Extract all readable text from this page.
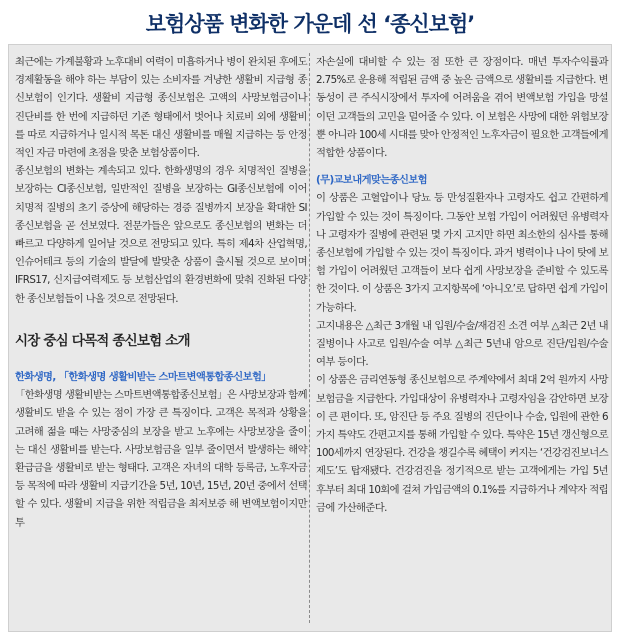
보험상품 변화한 가운데 선 ‘종신보험’

최근에는 가계불황과 노후대비 여력이 미흡하거나 병이 완치된 후에도 경제활동을 해야 하는 부담이 있는 소비자를 겨냥한 생활비 지급형 종신보험이 인기다. 생활비 지급형 종신보험은 고액의 사망보험금이나 진단비를 한 번에 지급하던 기존 형태에서 벗어나 치료비 외에 생활비를 따로 지급하거나 일시적 목돈 대신 생활비를 매월 지급하는 등 안정적인 자금 마련에 초점을 맞춘 보험상품이다.

종신보험의 변화는 계속되고 있다. 한화생명의 경우 치명적인 질병을 보장하는 CI종신보험, 일반적인 질병을 보장하는 GI종신보험에 이어 치명적 질병의 초기 증상에 해당하는 경증 질병까지 보장을 확대한 SI종신보험을 곧 선보였다. 전문가들은 앞으로도 종신보험의 변화는 더 빠르고 다양하게 일어날 것으로 전망되고 있다. 특히 제4차 산업혁명, 인슈어테크 등의 기술의 발달에 발맞춘 상품이 출시될 것으로 보이며 IFRS17, 신지급여력제도 등 보험산업의 환경변화에 맞춰 진화된 다양한 종신보험들이 나올 것으로 전망된다.

시장 중심 다목적 종신보험 소개

한화생명, 「한화생명 생활비받는 스마트변액통합종신보험」

「한화생명 생활비받는 스마트변액통합종신보험」은 사망보장과 함께 생활비도 받을 수 있는 점이 가장 큰 특징이다. 고객은 목적과 상황을 고려해 젊을 때는 사망중심의 보장을 받고 노후에는 사망보장을 줄이는 대신 생활비를 받는다. 사망보험금을 일부 줄이면서 발생하는 해약환급금을 생활비로 받는 형태다. 고객은 자녀의 대학 등록금, 노후자금 등 목적에 따라 생활비 지급기간을 5년, 10년, 15년, 20년 중에서 선택할 수 있다. 생활비 지급을 위한 적립금을 최저보증 해 변액보험이지만 투

자손실에 대비할 수 있는 점 또한 큰 장점이다. 매년 투자수익률과 2.75%로 운용해 적립된 금액 중 높은 금액으로 생활비를 지급한다. 변동성이 큰 주식시장에서 투자에 어려움을 겪어 변액보험 가입을 망설이던 고객들의 고민을 덜어줄 수 있다. 이 보험은 사망에 대한 위험보장뿐 아니라 100세 시대를 맞아 안정적인 노후자금이 필요한 고객들에게 적합한 상품이다.

(무)교보내게맞는종신보험

이 상품은 고혈압이나 당뇨 등 만성질환자나 고령자도 쉽고 간편하게 가입할 수 있는 것이 특징이다. 그동안 보험 가입이 어려웠던 유병력자나 고령자가 질병에 관련된 몇 가지 고지만 하면 최소한의 심사를 통해 종신보험에 가입할 수 있는 것이 특징이다. 과거 병력이나 나이 탓에 보험 가입이 어려웠던 고객들이 보다 쉽게 사망보장을 준비할 수 있도록 한 것이다. 이 상품은 3가지 고지항목에 ‘아니오’로 답하면 쉽게 가입이 가능하다.

고지내용은 △최근 3개월 내 입원/수술/재검진 소견 여부 △최근 2년 내 질병이나 사고로 입원/수술 여부 △최근 5년내 암으로 진단/입원/수술 여부 등이다.

이 상품은 금리연동형 종신보험으로 주계약에서 최대 2억 원까지 사망보험금을 지급한다. 가입대상이 유병력자나 고령자임을 감안하면 보장이 큰 편이다. 또, 암진단 등 주요 질병의 진단이나 수술, 입원에 관한 6가지 특약도 간편고지를 통해 가입할 수 있다. 특약은 15년 갱신형으로 100세까지 연장된다. 건강을 챙길수록 혜택이 커지는 ‘건강검진보너스제도’도 탑재됐다. 건강검진을 정기적으로 받는 고객에게는 가입 5년 후부터 최대 10회에 걸쳐 가입금액의 0.1%를 지급하거나 계약자 적립금에 가산해준다.
